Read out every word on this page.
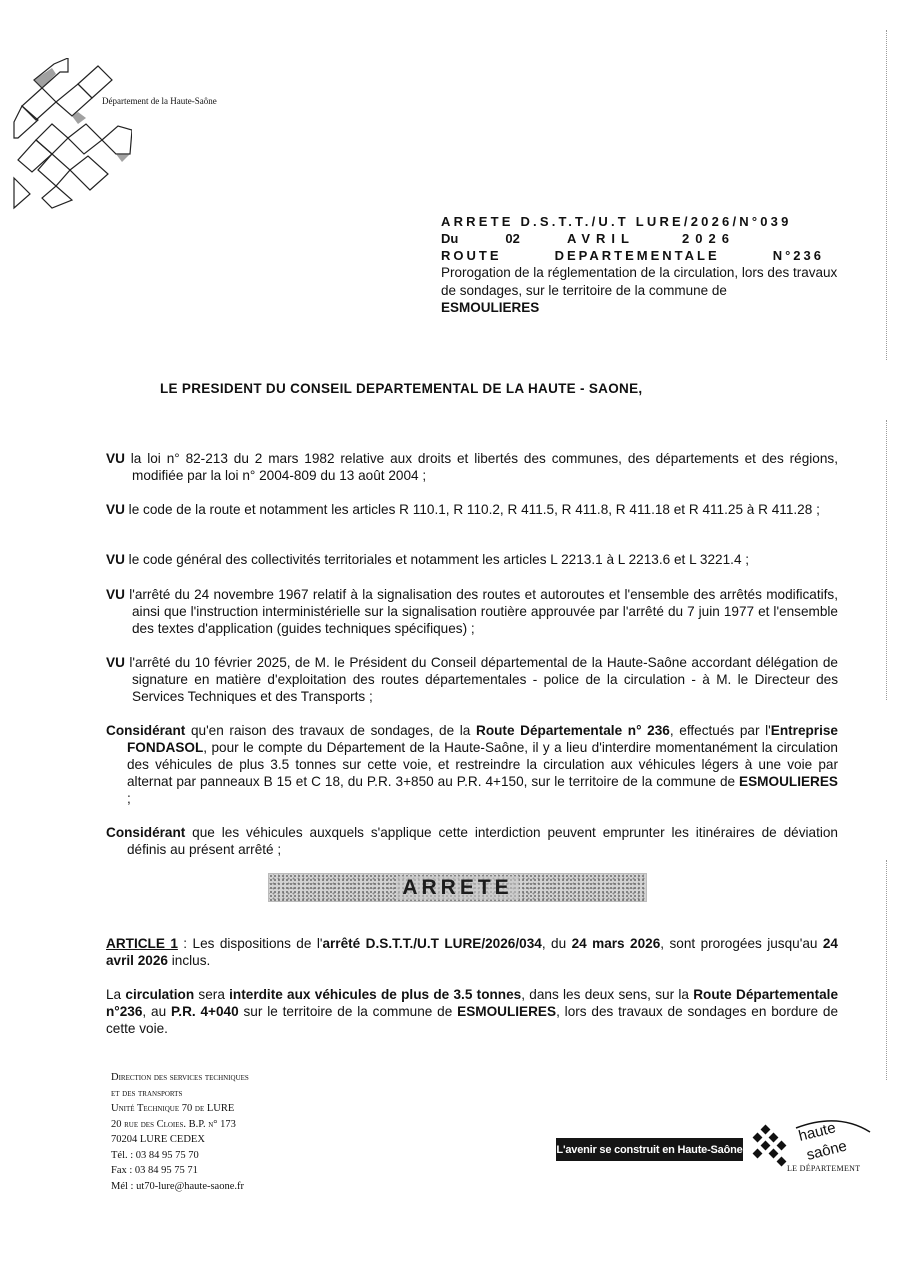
Département de la Haute-Saône
ARRETE D.S.T.T./U.T LURE/2026/N°039
Du	02	AVRIL	2026
ROUTE	DEPARTEMENTALE	N°236
Prorogation de la réglementation de la circulation, lors des travaux de sondages, sur le territoire de la commune de
ESMOULIERES
LE PRESIDENT DU CONSEIL DEPARTEMENTAL DE LA HAUTE - SAONE,
VU la loi n° 82-213 du 2 mars 1982 relative aux droits et libertés des communes, des départements et des régions, modifiée par la loi n° 2004-809 du 13 août 2004 ;
VU le code de la route et notamment les articles R 110.1, R 110.2, R 411.5, R 411.8, R 411.18 et R 411.25 à R 411.28 ;
VU le code général des collectivités territoriales et notamment les articles L 2213.1 à L 2213.6 et L 3221.4 ;
VU l'arrêté du 24 novembre 1967 relatif à la signalisation des routes et autoroutes et l'ensemble des arrêtés modificatifs, ainsi que l'instruction interministérielle sur la signalisation routière approuvée par l'arrêté du 7 juin 1977 et l'ensemble des textes d'application (guides techniques spécifiques) ;
VU l'arrêté du 10 février 2025, de M. le Président du Conseil départemental de la Haute-Saône accordant délégation de signature en matière d'exploitation des routes départementales - police de la circulation - à M. le Directeur des Services Techniques et des Transports ;
Considérant qu'en raison des travaux de sondages, de la Route Départementale n° 236, effectués par l'Entreprise FONDASOL, pour le compte du Département de la Haute-Saône, il y a lieu d'interdire momentanément la circulation des véhicules de plus 3.5 tonnes sur cette voie, et restreindre la circulation aux véhicules légers à une voie par alternat par panneaux B 15 et C 18, du P.R. 3+850 au P.R. 4+150, sur le territoire de la commune de ESMOULIERES ;
Considérant que les véhicules auxquels s'applique cette interdiction peuvent emprunter les itinéraires de déviation définis au présent arrêté ;
ARRETE
ARTICLE 1 : Les dispositions de l'arrêté D.S.T.T./U.T LURE/2026/034, du 24 mars 2026, sont prorogées jusqu'au 24 avril 2026 inclus.
La circulation sera interdite aux véhicules de plus de 3.5 tonnes, dans les deux sens, sur la Route Départementale n°236, au P.R. 4+040 sur le territoire de la commune de ESMOULIERES, lors des travaux de sondages en bordure de cette voie.
Direction des services techniques
et des transports
Unité Technique 70 de LURE
20 rue des Cloies. B.P. n° 173
70204 LURE CEDEX
Tél. : 03 84 95 75 70
Fax : 03 84 95 75 71
Mél : ut70-lure@haute-saone.fr
L'avenir se construit en Haute-Saône
haute
saône
LE DÉPARTEMENT
